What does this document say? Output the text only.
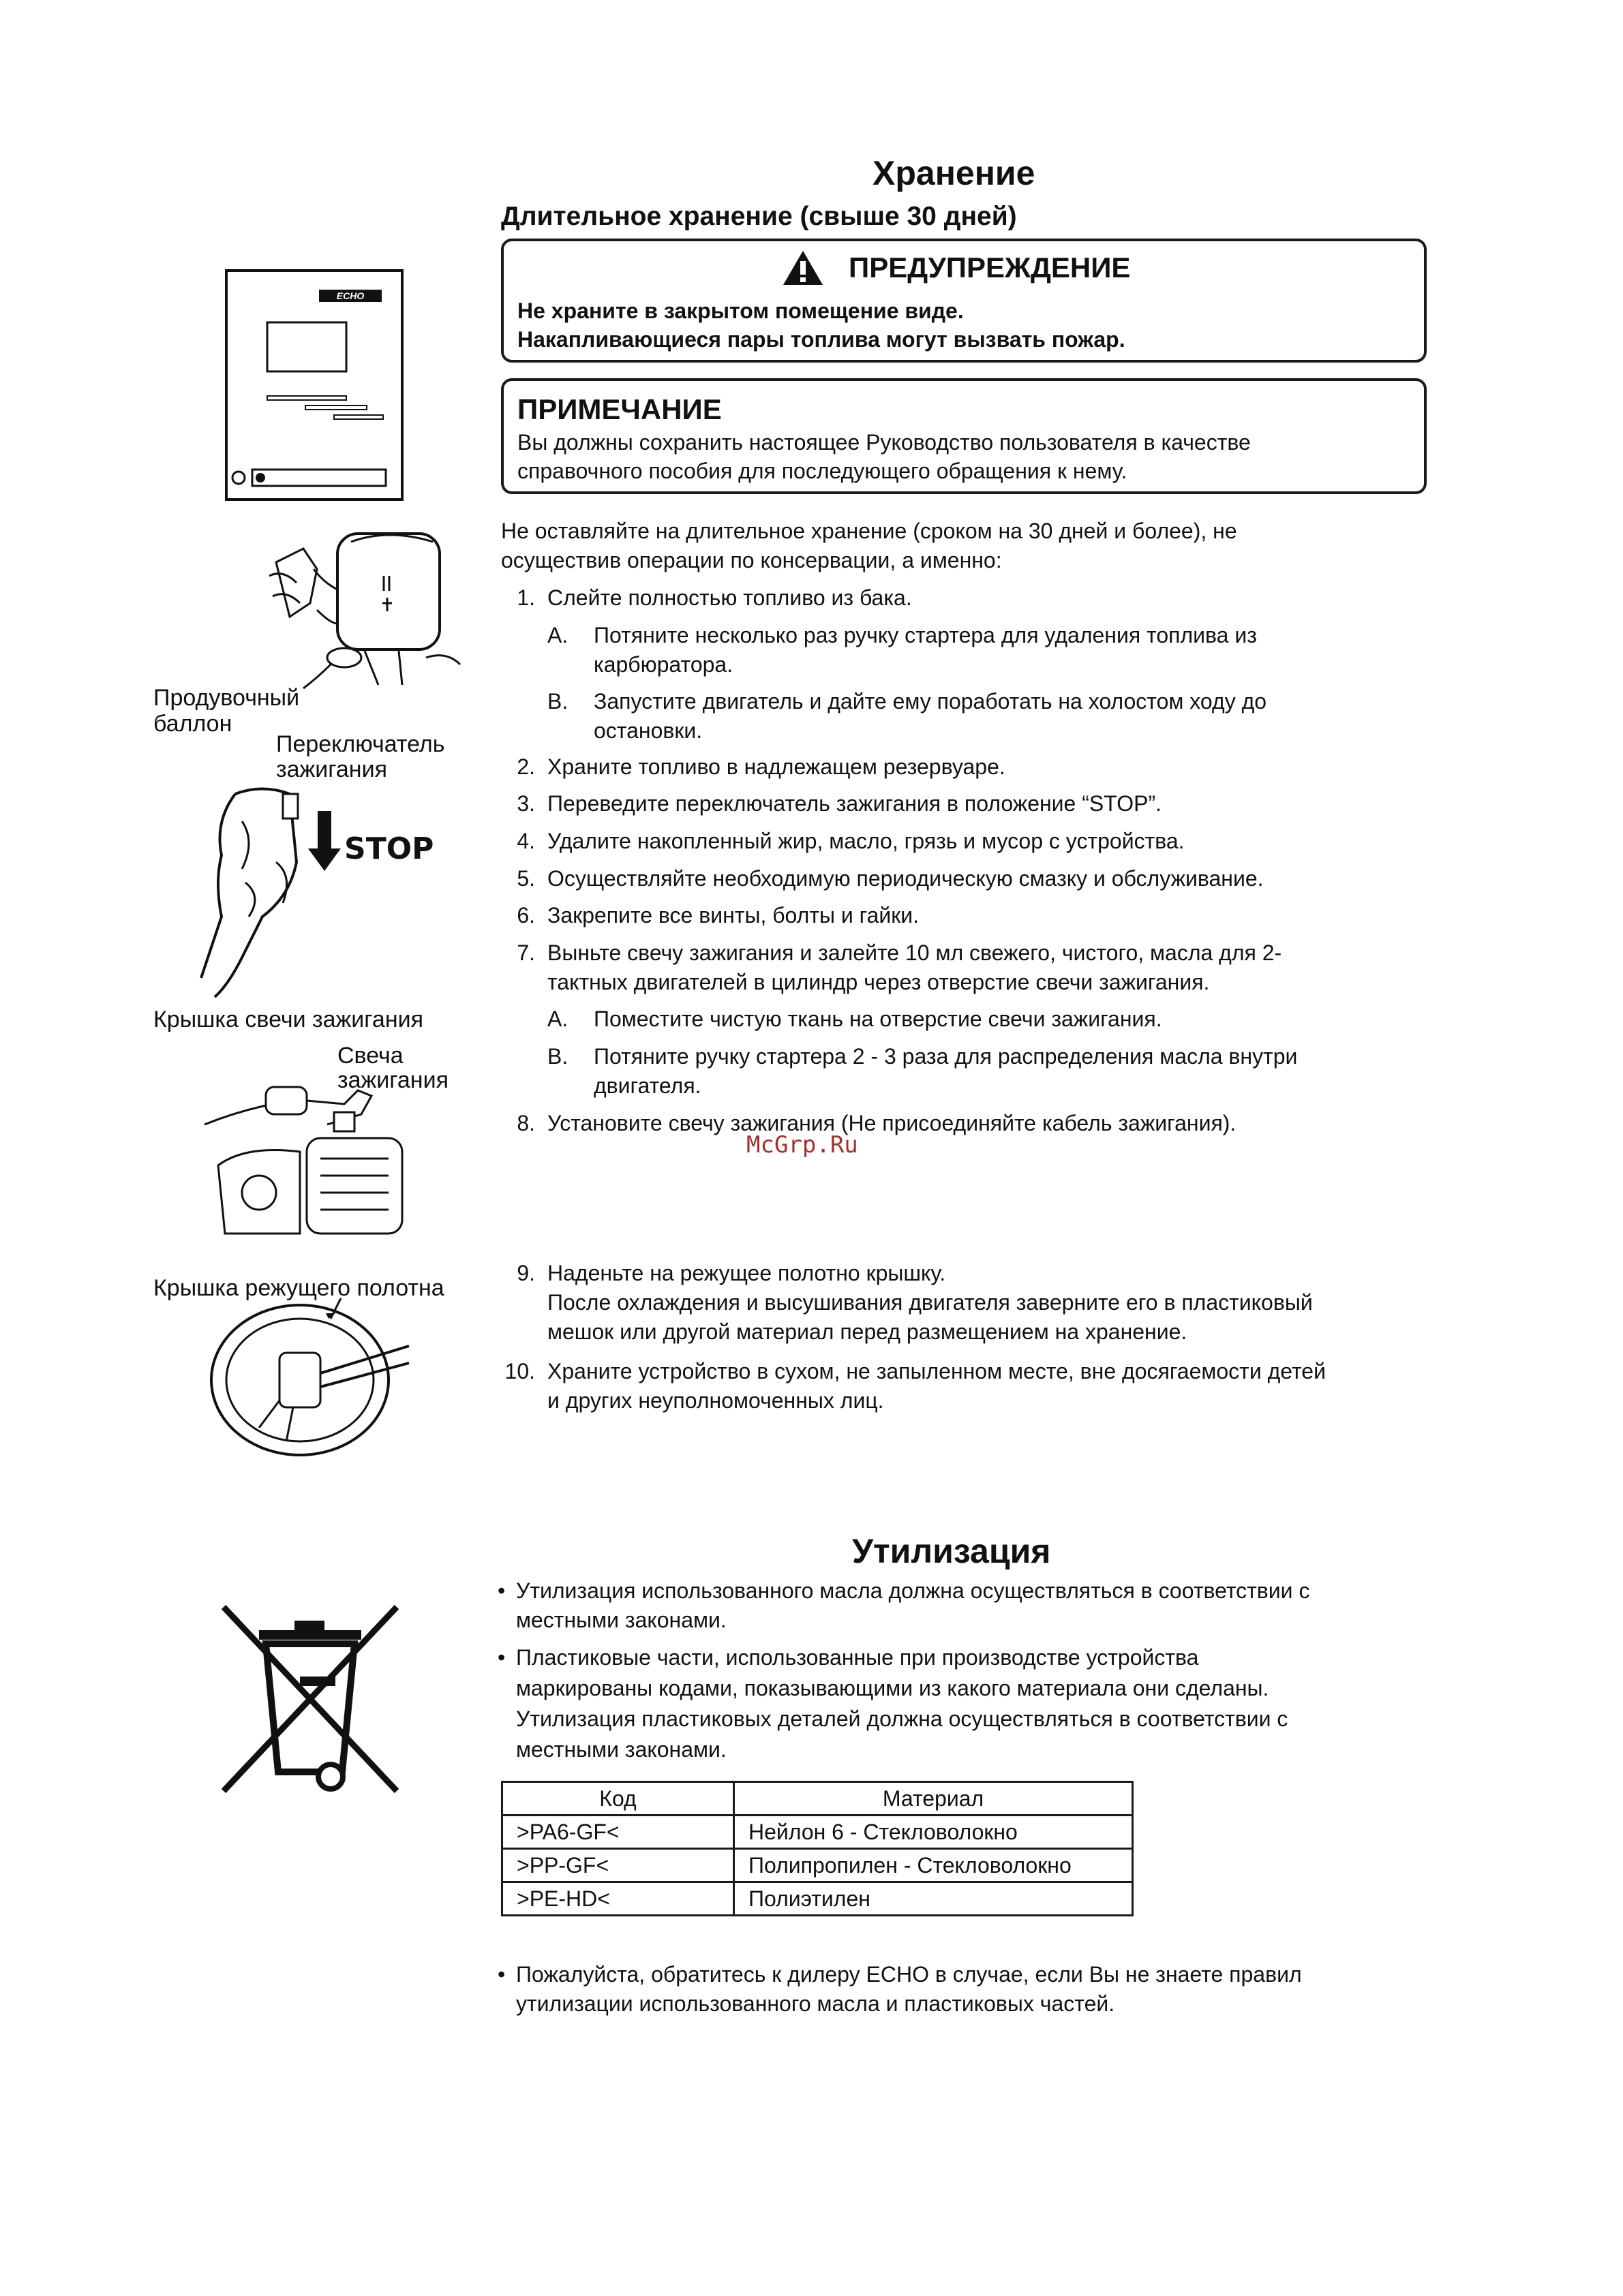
Хранение
Длительное хранение (свыше 30 дней)
ПРЕДУПРЕЖДЕНИЕ
Не храните в закрытом помещение виде.
Накапливающиеся пары топлива могут вызвать пожар.
ПРИМЕЧАНИЕ
Вы должны сохранить настоящее Руководство пользователя в качестве
справочного пособия для последующего обращения к нему.
Не оставляйте на длительное хранение (сроком на 30 дней и более), не
осуществив операции по консервации, а именно:
1. Слейте полностью топливо из бака.
A. Потяните несколько раз ручку стартера для удаления топлива из
карбюратора.
B. Запустите двигатель и дайте ему поработать на холостом ходу до
остановки.
2. Храните топливо в надлежащем резервуаре.
3. Переведите переключатель зажигания в положение “STOP”.
4. Удалите накопленный жир, масло, грязь и мусор с устройства.
5. Осуществляйте необходимую периодическую смазку и обслуживание.
6. Закрепите все винты, болты и гайки.
7. Выньте свечу зажигания и залейте 10 мл свежего, чистого, масла для 2-
тактных двигателей в цилиндр через отверстие свечи зажигания.
A. Поместите чистую ткань на отверстие свечи зажигания.
B. Потяните ручку стартера 2 - 3 раза для распределения масла внутри
двигателя.
8. Установите свечу зажигания (Не присоединяйте кабель зажигания).
9. Наденьте на режущее полотно крышку.
После охлаждения и высушивания двигателя заверните его в пластиковый
мешок или другой материал перед размещением на хранение.
10. Храните устройство в сухом, не запыленном месте, вне досягаемости детей
и других неуполномоченных лиц.
McGrp.Ru
ECHO
Продувочный
баллон
Переключатель
зажигания
STOP
Крышка свечи зажигания
Свеча
зажигания
Крышка режущего полотна
Утилизация
• Утилизация использованного масла должна осуществляться в соответствии с
местными законами.
• Пластиковые части, использованные при производстве устройства
маркированы кодами, показывающими из какого материала они сделаны.
Утилизация пластиковых деталей должна осуществляться в соответствии с
местными законами.
Код	Материал
>PA6-GF<	Нейлон 6 - Стекловолокно
>PP-GF<	Полипропилен - Стекловолокно
>PE-HD<	Полиэтилен
• Пожалуйста, обратитесь к дилеру ECHO в случае, если Вы не знаете правил
утилизации использованного масла и пластиковых частей.
